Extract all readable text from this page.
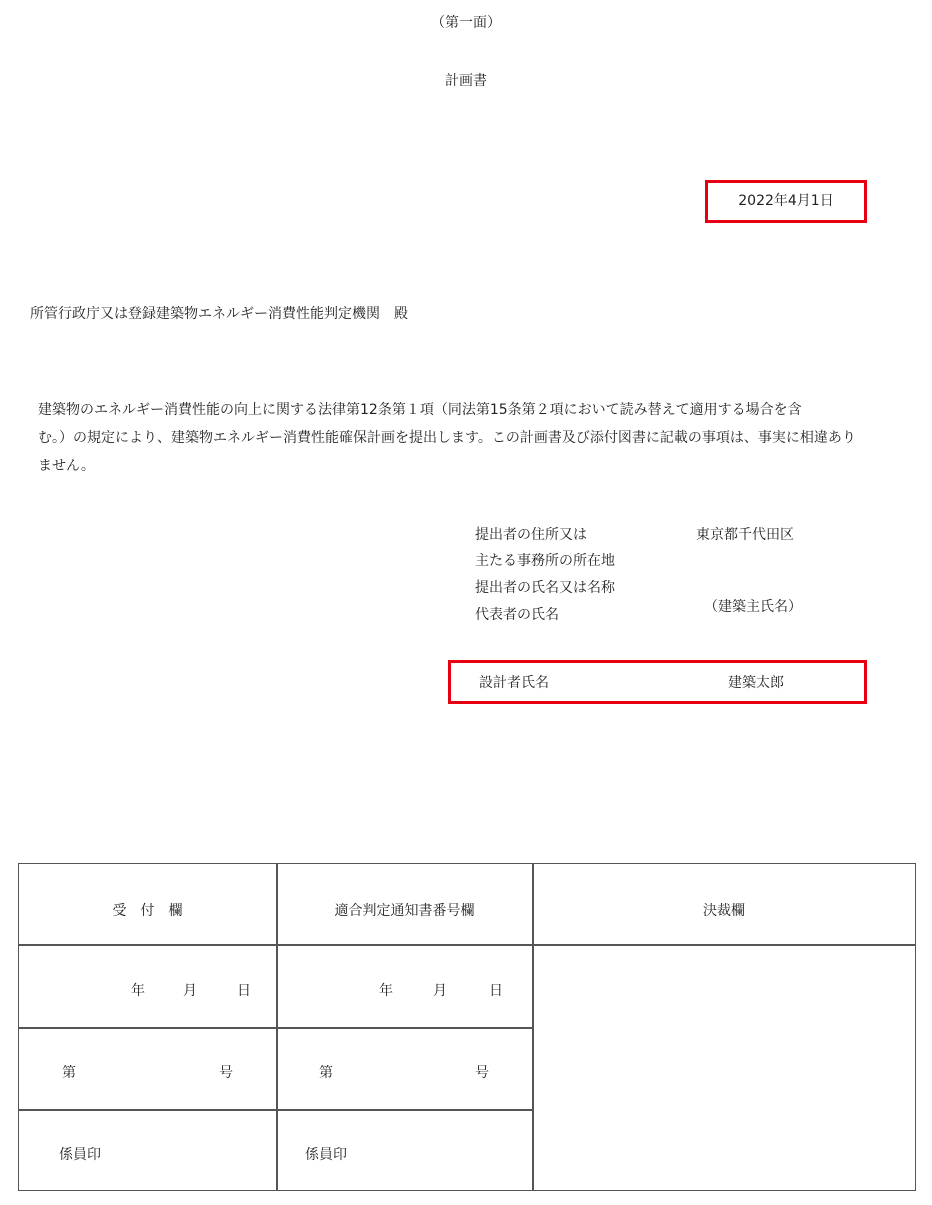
（第一面）
計画書
2022年4月1日
所管行政庁又は登録建築物エネルギー消費性能判定機関　殿
建築物のエネルギー消費性能の向上に関する法律第12条第１項（同法第15条第２項において読み替えて適用する場合を含
む。）の規定により、建築物エネルギー消費性能確保計画を提出します。この計画書及び添付図書に記載の事項は、事実に相違あり
ません。
提出者の住所又は	東京都千代田区
主たる事務所の所在地
提出者の氏名又は名称
代表者の氏名	（建築主氏名）
設計者氏名	建築太郎
受　付　欄	適合判定通知書番号欄	決裁欄
年	月	日	年	月	日
第	号	第	号
係員印	係員印
